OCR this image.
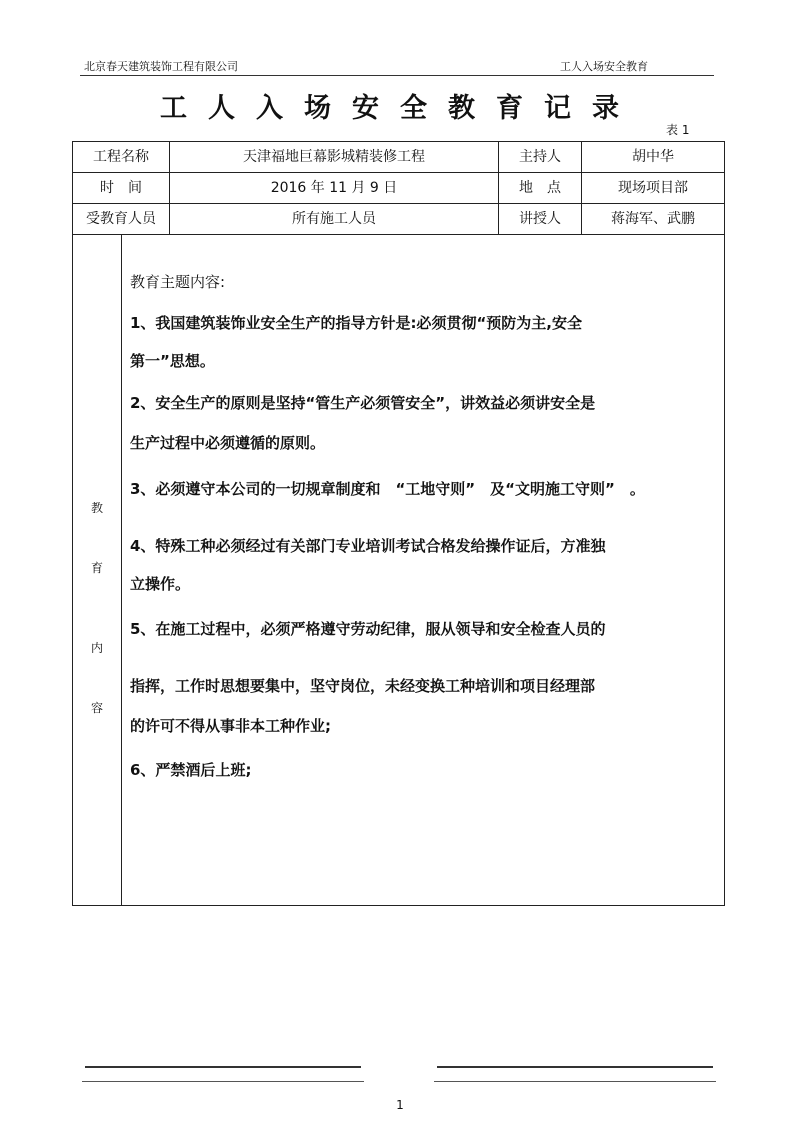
北京春天建筑装饰工程有限公司	工人入场安全教育
工人入场安全教育记录
表 1
工程名称	天津福地巨幕影城精装修工程	主持人	胡中华
时　间	2016 年 11 月 9 日	地　点	现场项目部
受教育人员	所有施工人员	讲授人	蒋海军、武鹏
教
育
内
容
教育主题内容:
1、我国建筑装饰业安全生产的指导方针是:必须贯彻“预防为主,安全
第一”思想。
2、安全生产的原则是坚持“管生产必须管安全”，讲效益必须讲安全是
生产过程中必须遵循的原则。
3、必须遵守本公司的一切规章制度和　“工地守则”　及“文明施工守则”　。
4、特殊工种必须经过有关部门专业培训考试合格发给操作证后，方准独
立操作。
5、在施工过程中，必须严格遵守劳动纪律，服从领导和安全检查人员的
指挥，工作时思想要集中，坚守岗位，未经变换工种培训和项目经理部
的许可不得从事非本工种作业;
6、严禁酒后上班;
1
